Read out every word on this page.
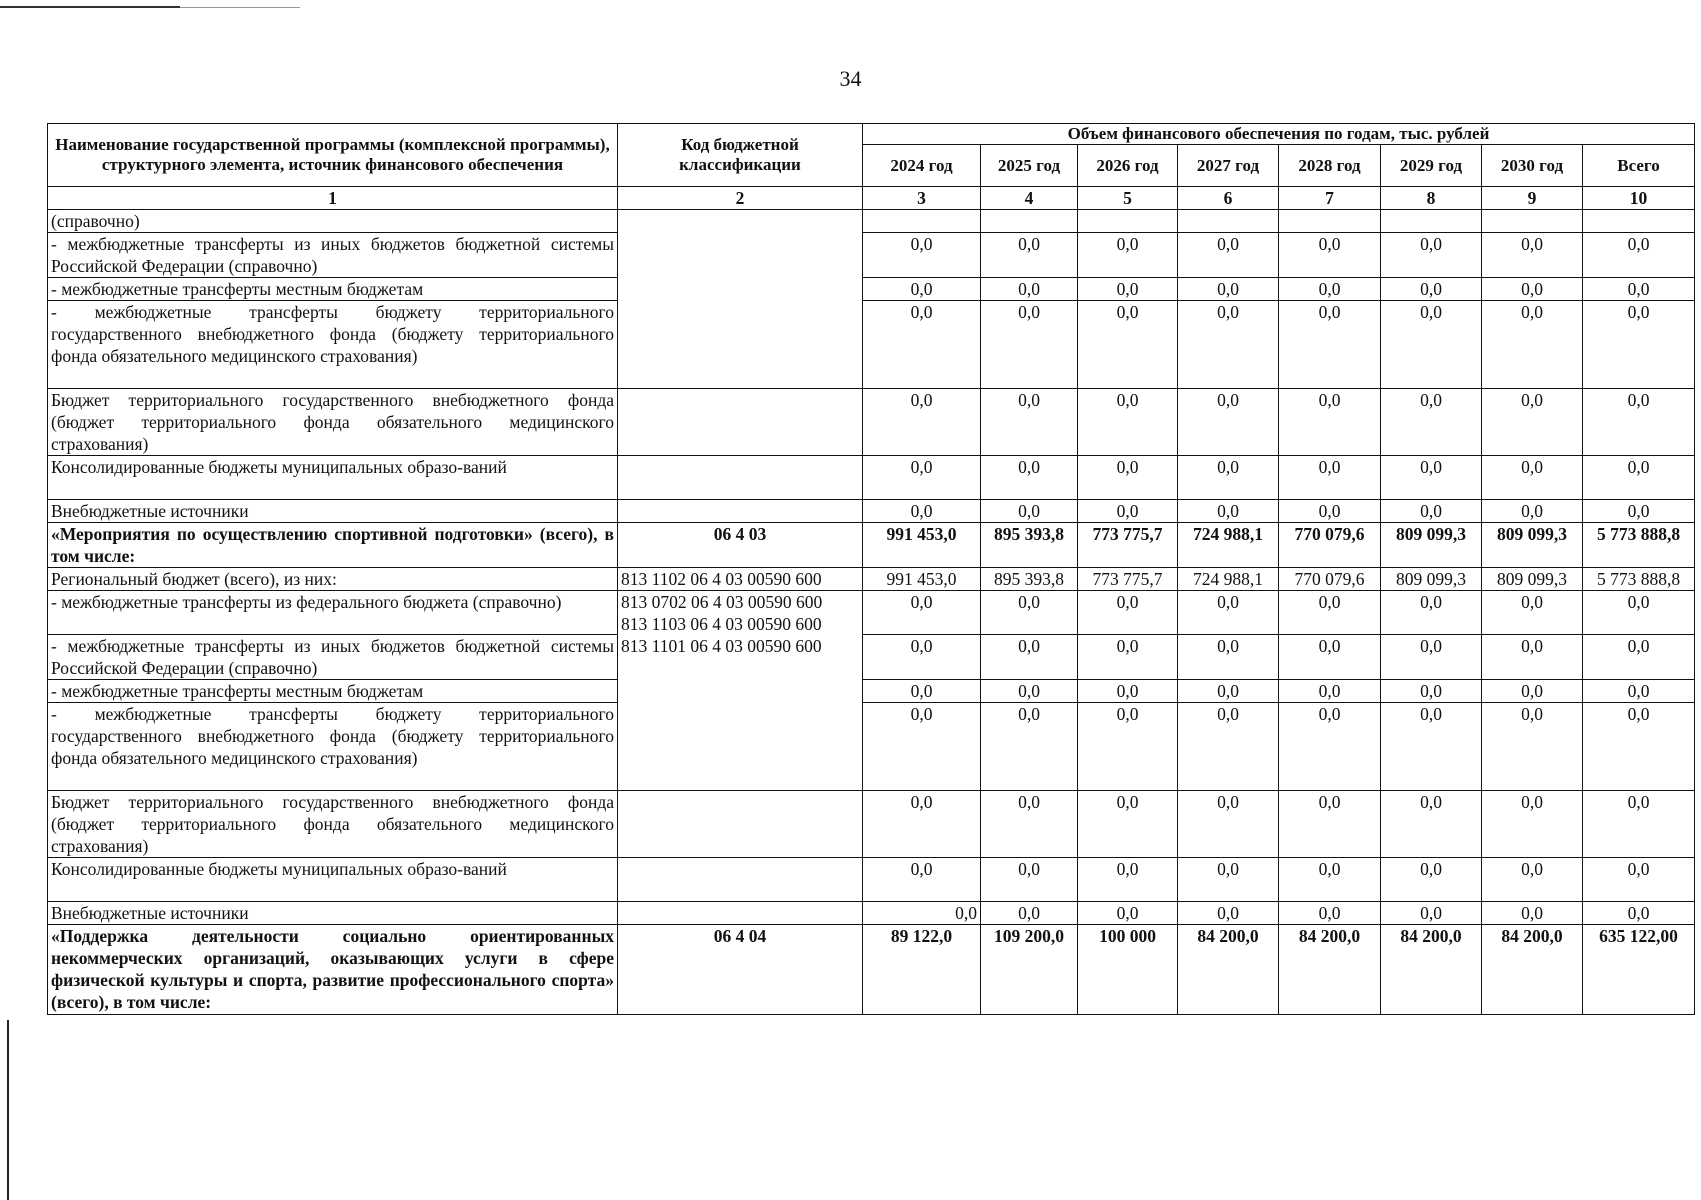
34
Наименование государственной программы (комплексной программы), структурного элемента, источник финансового обеспечения	Код бюджетной классификации	Объем финансового обеспечения по годам, тыс. рублей							
		2024 год	2025 год	2026 год	2027 год	2028 год	2029 год	2030 год	Всего
1	2	3	4	5	6	7	8	9	10
(справочно)									
- межбюджетные трансферты из иных бюджетов бюджетной системы Российской Федерации (справочно)		0,0	0,0	0,0	0,0	0,0	0,0	0,0	0,0
- межбюджетные трансферты местным бюджетам		0,0	0,0	0,0	0,0	0,0	0,0	0,0	0,0
- межбюджетные трансферты бюджету территориального государственного внебюджетного фонда (бюджету территориального фонда обязательного медицинского страхования)		0,0	0,0	0,0	0,0	0,0	0,0	0,0	0,0
Бюджет территориального государственного внебюджетного фонда (бюджет территориального фонда обязательного медицинского страхования)		0,0	0,0	0,0	0,0	0,0	0,0	0,0	0,0
Консолидированные бюджеты муниципальных образо-ваний		0,0	0,0	0,0	0,0	0,0	0,0	0,0	0,0
Внебюджетные источники		0,0	0,0	0,0	0,0	0,0	0,0	0,0	0,0
«Мероприятия по осуществлению спортивной подготовки» (всего), в том числе:	06 4 03	991 453,0	895 393,8	773 775,7	724 988,1	770 079,6	809 099,3	809 099,3	5 773 888,8
Региональный бюджет (всего), из них:	813 1102 06 4 03 00590 600	991 453,0	895 393,8	773 775,7	724 988,1	770 079,6	809 099,3	809 099,3	5 773 888,8
- межбюджетные трансферты из федерального бюджета (справочно)	813 0702 06 4 03 00590 600
813 1103 06 4 03 00590 600
813 1101 06 4 03 00590 600	0,0	0,0	0,0	0,0	0,0	0,0	0,0	0,0
- межбюджетные трансферты из иных бюджетов бюджетной системы Российской Федерации (справочно)		0,0	0,0	0,0	0,0	0,0	0,0	0,0	0,0
- межбюджетные трансферты местным бюджетам		0,0	0,0	0,0	0,0	0,0	0,0	0,0	0,0
- межбюджетные трансферты бюджету территориального государственного внебюджетного фонда (бюджету территориального фонда обязательного медицинского страхования)		0,0	0,0	0,0	0,0	0,0	0,0	0,0	0,0
Бюджет территориального государственного внебюджетного фонда (бюджет территориального фонда обязательного медицинского страхования)		0,0	0,0	0,0	0,0	0,0	0,0	0,0	0,0
Консолидированные бюджеты муниципальных образо-ваний		0,0	0,0	0,0	0,0	0,0	0,0	0,0	0,0
Внебюджетные источники		0,0	0,0	0,0	0,0	0,0	0,0	0,0	0,0
«Поддержка деятельности социально ориентированных некоммерческих организаций, оказывающих услуги в сфере физической культуры и спорта, развитие профессионального спорта» (всего), в том числе:	06 4 04	89 122,0	109 200,0	100 000	84 200,0	84 200,0	84 200,0	84 200,0	635 122,00
